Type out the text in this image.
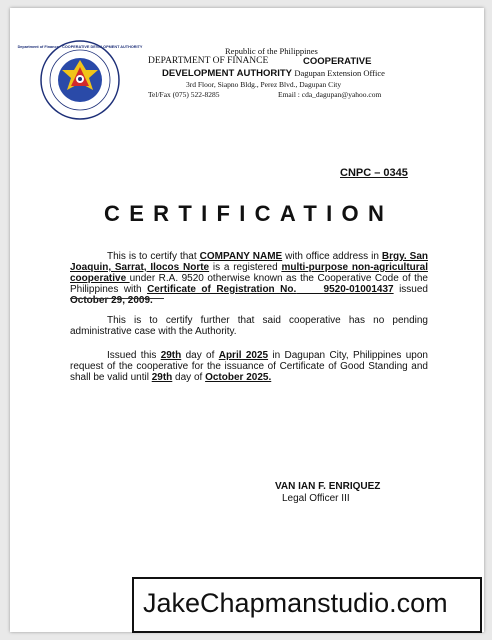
Department of Finance · COOPERATIVE DEVELOPMENT AUTHORITY	Republic of the Philippines
DEPARTMENT OF FINANCE	COOPERATIVE
DEVELOPMENT AUTHORITY Dagupan Extension Office
3rd Floor, Siapno Bldg., Perez Blvd., Dagupan City
Tel/Fax (075) 522-8285	Email : cda_dagupan@yahoo.com
CNPC – 0345
CERTIFICATION
This is to certify that COMPANY NAME with office address in Brgy. San Joaquin, Sarrat, Ilocos Norte is a registered multi-purpose non-agricultural cooperative under R.A. 9520 otherwise known as the Cooperative Code of the Philippines with Certificate of Registration No.	9520-01001437 issued October 29, 2009.
This is to certify further that said cooperative has no pending administrative case with the Authority.
Issued this 29th day of April 2025 in Dagupan City, Philippines upon request of the cooperative for the issuance of Certificate of Good Standing and shall be valid until 29th day of October 2025.
VAN IAN F. ENRIQUEZ
Legal Officer III
JakeChapmanstudio.com
